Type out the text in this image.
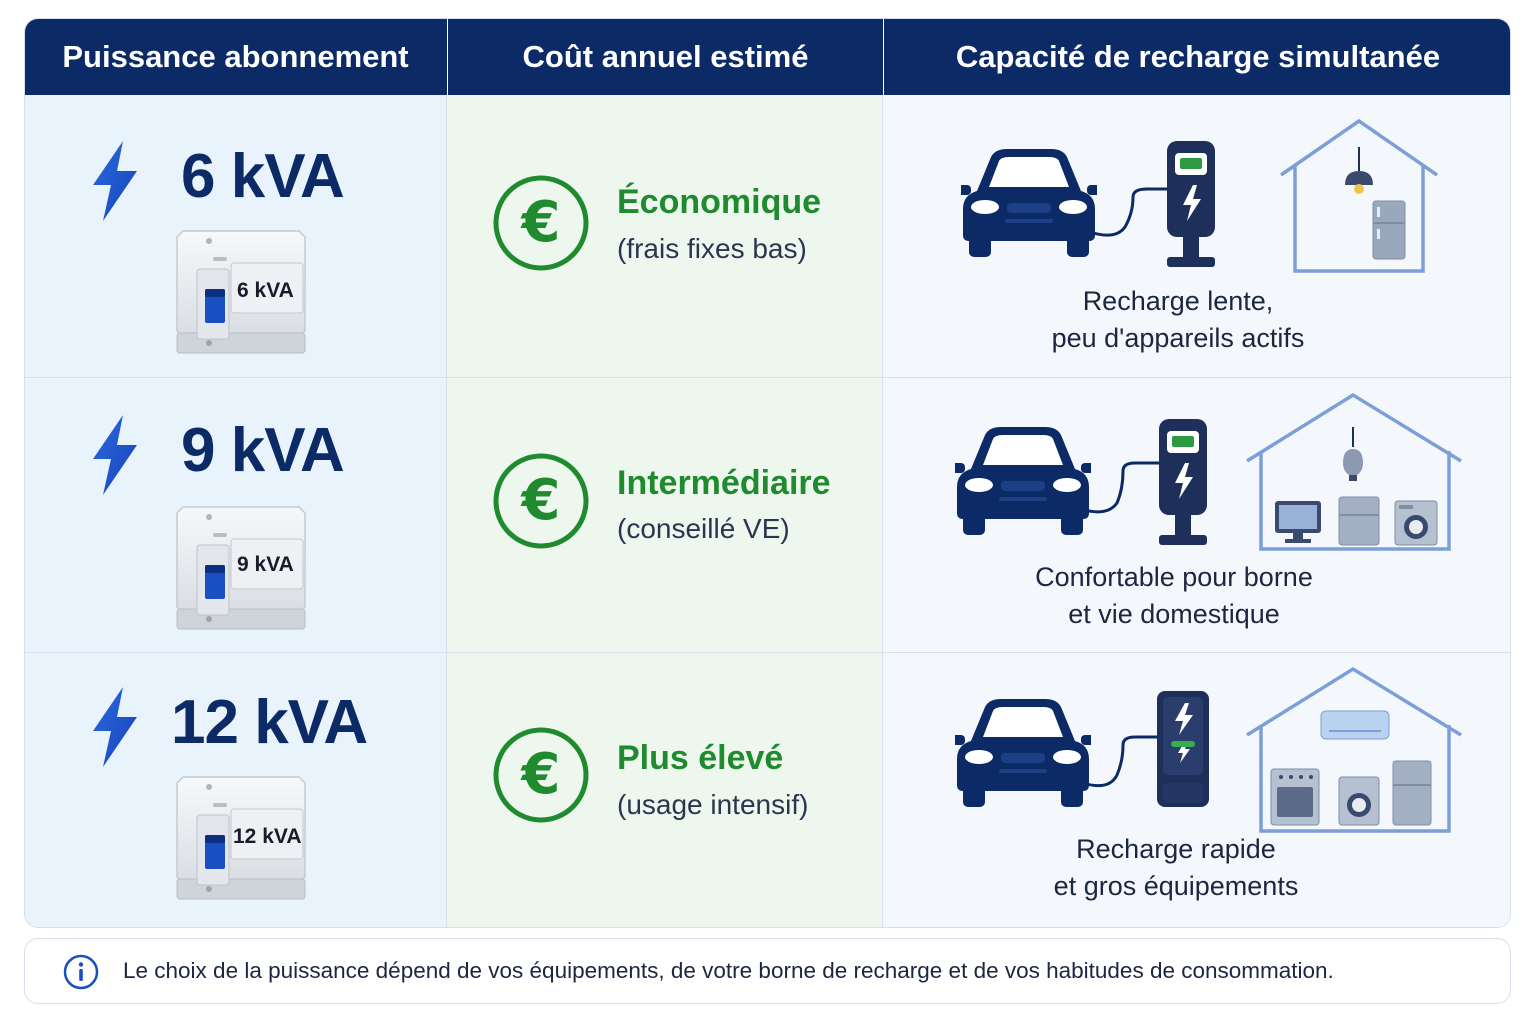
Puissance abonnement	Coût annuel estimé	Capacité de recharge simultanée
6 kVA
6 kVA
Économique
(frais fixes bas)
Recharge lente,
peu d'appareils actifs
9 kVA
9 kVA
Intermédiaire
(conseillé VE)
Confortable pour borne
et vie domestique
12 kVA
12 kVA
Plus élevé
(usage intensif)
Recharge rapide
et gros équipements
Le choix de la puissance dépend de vos équipements, de votre borne de recharge et de vos habitudes de consommation.
